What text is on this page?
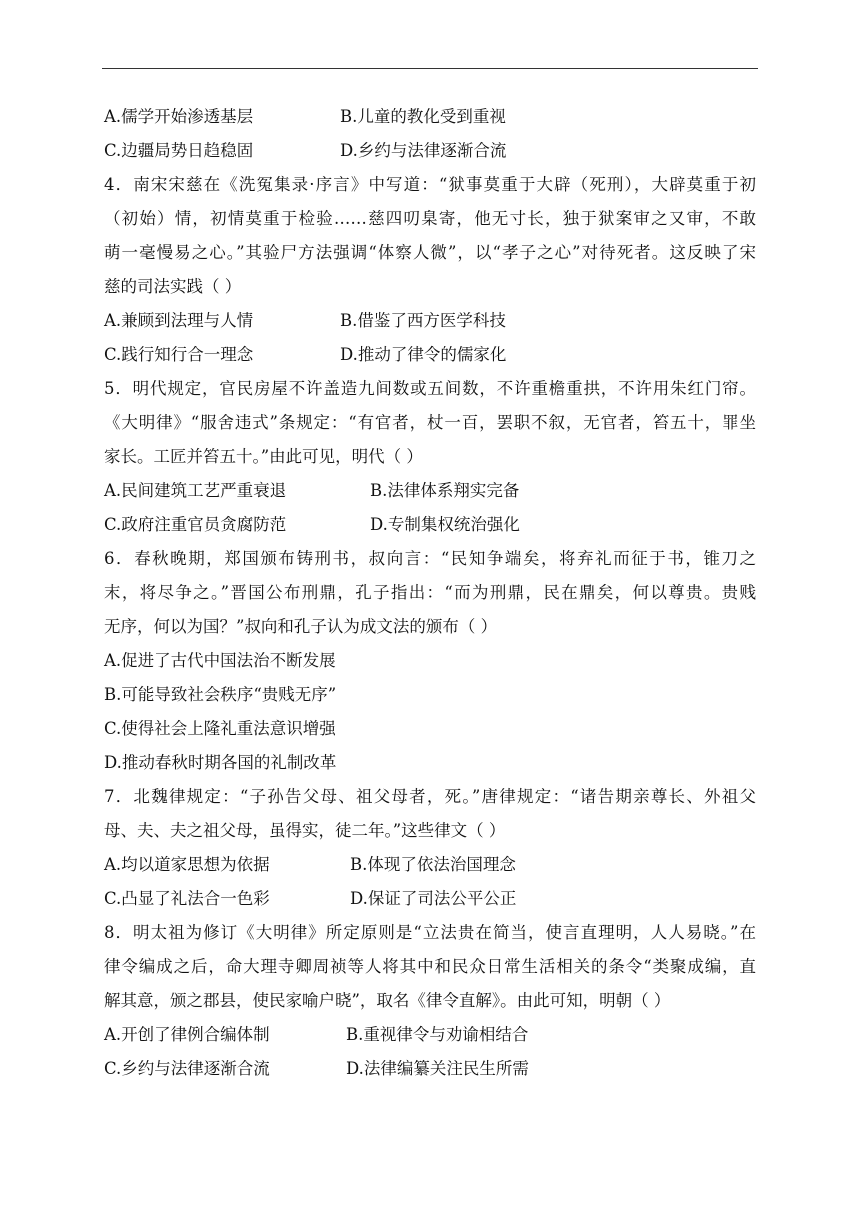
A.儒学开始渗透基层	B.儿童的教化受到重视
C.边疆局势日趋稳固	D.乡约与法律逐渐合流
4．南宋宋慈在《洗冤集录·序言》中写道：“狱事莫重于大辟（死刑），大辟莫重于初
（初始）情，初情莫重于检验……慈四叨臬寄，他无寸长，独于狱案审之又审，不敢
萌一毫慢易之心。”其验尸方法强调“体察人微”，以“孝子之心”对待死者。这反映了宋
慈的司法实践（ ）
A.兼顾到法理与人情	B.借鉴了西方医学科技
C.践行知行合一理念	D.推动了律令的儒家化
5．明代规定，官民房屋不许盖造九间数或五间数，不许重檐重拱，不许用朱红门帘。
《大明律》“服舍违式”条规定：“有官者，杖一百，罢职不叙，无官者，笞五十，罪坐
家长。工匠并笞五十。”由此可见，明代（ ）
A.民间建筑工艺严重衰退	B.法律体系翔实完备
C.政府注重官员贪腐防范	D.专制集权统治强化
6．春秋晚期，郑国颁布铸刑书，叔向言：“民知争端矣，将弃礼而征于书，锥刀之
末，将尽争之。”晋国公布刑鼎，孔子指出：“而为刑鼎，民在鼎矣，何以尊贵。贵贱
无序，何以为国？”叔向和孔子认为成文法的颁布（ ）
A.促进了古代中国法治不断发展
B.可能导致社会秩序“贵贱无序”
C.使得社会上隆礼重法意识增强
D.推动春秋时期各国的礼制改革
7．北魏律规定：“子孙告父母、祖父母者，死。”唐律规定：“诸告期亲尊长、外祖父
母、夫、夫之祖父母，虽得实，徒二年。”这些律文（ ）
A.均以道家思想为依据	B.体现了依法治国理念
C.凸显了礼法合一色彩	D.保证了司法公平公正
8．明太祖为修订《大明律》所定原则是“立法贵在简当，使言直理明，人人易晓。”在
律令编成之后，命大理寺卿周祯等人将其中和民众日常生活相关的条令“类聚成编，直
解其意，颁之郡县，使民家喻户晓”，取名《律令直解》。由此可知，明朝（ ）
A.开创了律例合编体制	B.重视律令与劝谕相结合
C.乡约与法律逐渐合流	D.法律编纂关注民生所需
